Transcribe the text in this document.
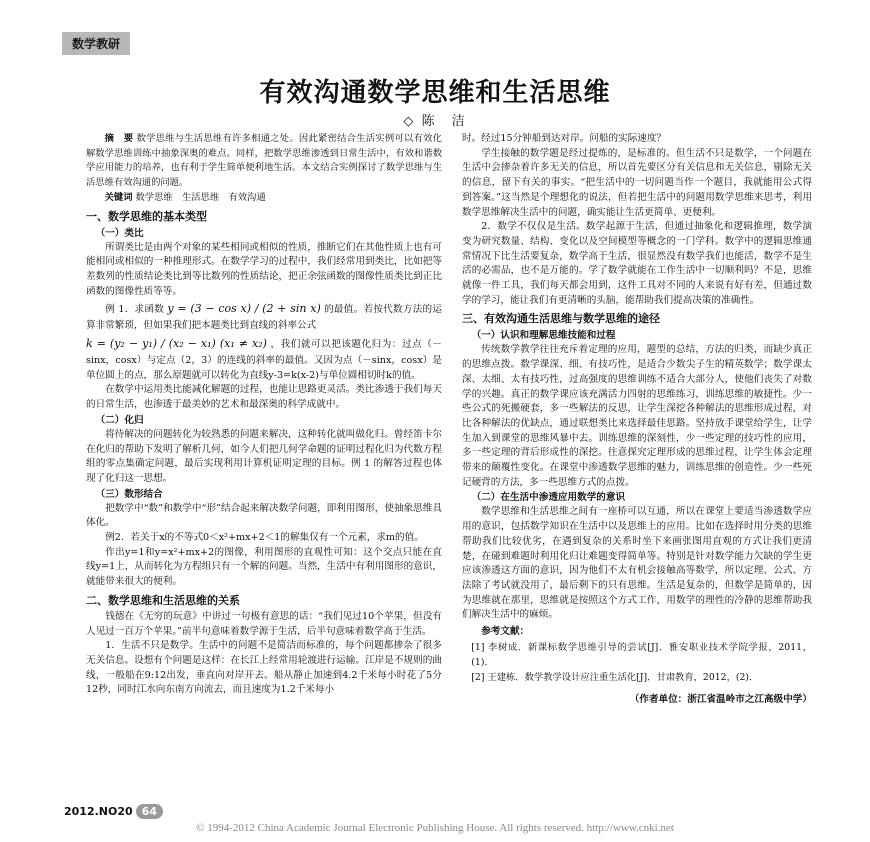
数学教研
有效沟通数学思维和生活思维
◇ 陈　洁

摘　要 数学思维与生活思维有许多相通之处。因此紧密结合生活实例可以有效化解数学思维训练中抽象深奥的难点。同样，把数学思维渗透到日常生活中，有效和谐数学应用能力的培养，也有利于学生简单便利地生活。本文结合实例探讨了数学思维与生活思维有效沟通的问题。

关键词 数学思维　生活思维　有效沟通

一、数学思维的基本类型
（一）类比

所谓类比是由两个对象的某些相同或相似的性质，推断它们在其他性质上也有可能相同或相似的一种推理形式。在数学学习的过程中，我们经常用到类比，比如把等差数列的性质结论类比到等比数列的性质结论，把正余弦函数的图像性质类比到正比函数的图像性质等等。

例 1．求函数 y = (3 − cos x) / (2 + sin x) 的最值。若按代数方法的运算非常繁琐，但如果我们把本题类比到直线的斜率公式

k = (y₂ − y₁) / (x₂ − x₁) (x₁ ≠ x₂) ，我们就可以把该题化归为：过点（－sinx，cosx）与定点（2，3）的连线的斜率的最值。又因为点（－sinx，cosx）是单位圆上的点，那么原题就可以转化为直线y-3=k(x-2)与单位圆相切时k的值。

在数学中运用类比能减化解题的过程，也能让思路更灵活。类比渗透于我们每天的日常生活，也渗透于最美妙的艺术和最深奥的科学成就中。

（二）化归

将待解决的问题转化为较熟悉的问题来解决，这种转化就叫做化归。曾经笛卡尔在化归的帮助下发明了解析几何，如今人们把几何学命题的证明过程化归为代数方程组的零点集确定问题，最后实现利用计算机证明定理的目标。例 1 的解答过程也体现了化归这一思想。

（三）数形结合

把数学中“数”和数学中“形”结合起来解决数学问题，即利用图形，使抽象思维具体化。

例2．若关于x的不等式0＜x²+mx+2＜1的解集仅有一个元素，求m的值。

作出y=1和y=x²+mx+2的图像，利用图形的直观性可知：这个交点只能在直线y=1上，从而转化为方程组只有一个解的问题。当然，生活中有利用图形的意识，就能带来很大的便利。

二、数学思维和生活思维的关系

钱德在《无穷的玩意》中讲过一句极有意思的话：“我们见过10个苹果，但没有人见过一百万个苹果。”前半句意味着数学源于生活，后半句意味着数学高于生活。

1．生活不只是数学。生活中的问题不是简洁而标准的，每个问题都掺杂了很多无关信息。设想有个问题是这样：在长江上经常用轮渡进行运输。江岸是不规则的曲线，一般船在9:12出发，垂直向对岸开去。船从静止加速到4.2千米每小时花了5分12秒，同时江水向东南方向流去，而且速度为1.2千米每小

时。经过15分钟船到达对岸。问船的实际速度？

学生接触的数学题是经过提炼的，是标准的。但生活不只是数学，一个问题在生活中会掺杂着许多无关的信息，所以首先要区分有关信息和无关信息，剔除无关的信息，留下有关的事实。“把生活中的一切问题当作一个题目，我就能用公式得到答案。”这当然是个理想化的说法，但若把生活中的问题用数学思维来思考，利用数学思维解决生活中的问题，确实能让生活更简单、更便利。

2．数学不仅仅是生活。数学起源于生活，但通过抽象化和逻辑推理，数学演变为研究数量、结构、变化以及空间模型等概念的一门学科。数学中的逻辑思维通常情况下比生活要复杂，数学高于生活，很显然没有数学我们也能活，数学不是生活的必需品，也不是万能的。学了数学就能在工作生活中一切顺利吗？不是，思维就像一件工具，我们每天都会用到，这件工具对不同的人来说有好有差，但通过数学的学习，能让我们有更清晰的头脑，能帮助我们提高决策的准确性。

三、有效沟通生活思维与数学思维的途径
（一）认识和理解思维技能和过程

传统数学教学往往充斥着定理的应用，题型的总结，方法的归类，而缺少真正的思维点拨。数学课深、细、有技巧性，是适合少数尖子生的精英数学；数学课太深、太细、太有技巧性，过高强度的思维训练不适合大部分人，使他们丧失了对数学的兴趣。真正的数学课应该充满活力四射的思维练习，训练思维的敏捷性。少一些公式的死搬硬套，多一些解法的反思，让学生深挖各种解法的思维形成过程，对比各种解法的优缺点，通过联想类比来选择最佳思路。坚持放手课堂给学生，让学生加入到课堂的思维风暴中去。训练思维的深刻性，少一些定理的技巧性的应用，多一些定理的背后形成性的深挖。往意探究定理形成的思维过程，让学生体会定理带来的颠覆性变化。在课堂中渗透数学思维的魅力，训练思维的创造性。少一些死记硬背的方法，多一些思维方式的点拨。

（二）在生活中渗透应用数学的意识

数学思维和生活思维之间有一座桥可以互通，所以在课堂上要适当渗透数学应用的意识，包括数学知识在生活中以及思维上的应用。比如在选择时用分类的思维帮助我们比较优劣，在遇到复杂的关系时坐下来画张图用直观的方式让我们更清楚，在碰到难题时利用化归让难题变得简单等。特别是针对数学能力欠缺的学生更应该渗透这方面的意识，因为他们不太有机会接触高等数学，所以定理、公式、方法除了考试就没用了，最后剩下的只有思维。生活是复杂的，但数学是简单的，因为思维就在那里，思维就是按照这个方式工作，用数学的理性的冷静的思维帮助我们解决生活中的麻烦。

参考文献：

[1] 李树成．新课标数学思维引导的尝试[J]．雅安职业技术学院学报，2011，(1)．

[2] 王建栋．数学教学设计应注重生活化[J]．甘肃教育，2012，(2)．

（作者单位：浙江省温岭市之江高级中学）

2012.NO20 64
© 1994-2012 China Academic Journal Electronic Publishing House. All rights reserved. http://www.cnki.net
